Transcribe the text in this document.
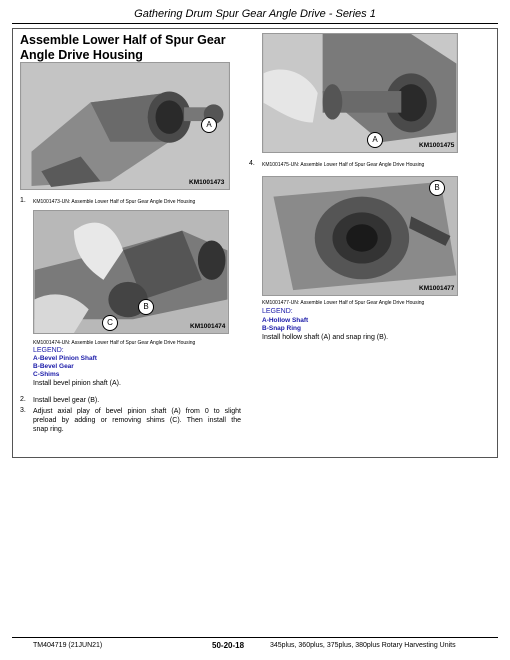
Gathering Drum Spur Gear Angle Drive - Series 1
Assemble Lower Half of Spur Gear Angle Drive Housing
A
KM1001473
1. KM1001473-UN: Assemble Lower Half of Spur Gear Angle Drive Housing
B
C	KM1001474
KM1001474-UN: Assemble Lower Half of Spur Gear Angle Drive Housing
LEGEND:
A-Bevel Pinion Shaft
B-Bevel Gear
C-Shims
Install bevel pinion shaft (A).
2. Install bevel gear (B).
3. Adjust axial play of bevel pinion shaft (A) from 0 to slight
preload by adding or removing shims (C). Then install the
snap ring.
A
KM1001475
4. KM1001475-UN: Assemble Lower Half of Spur Gear Angle Drive Housing
B
KM1001477
KM1001477-UN: Assemble Lower Half of Spur Gear Angle Drive Housing
LEGEND:
A-Hollow Shaft
B-Snap Ring
Install hollow shaft (A) and snap ring (B).
TM404719 (21JUN21)	50-20-18	345plus, 360plus, 375plus, 380plus Rotary Harvesting Units
